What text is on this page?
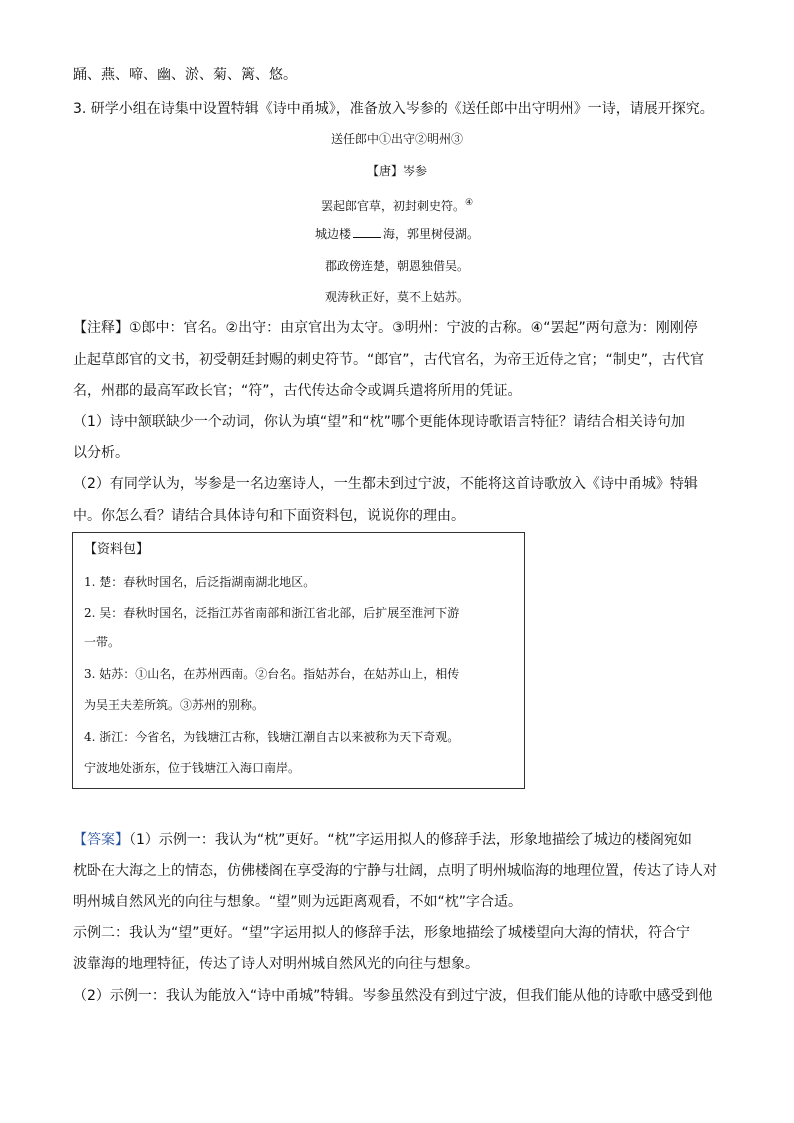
踊、燕、啼、幽、淤、菊、篱、悠。
3. 研学小组在诗集中设置特辑《诗中甬城》，准备放入岑参的《送任郎中出守明州》一诗，请展开探究。
送任郎中①出守②明州③
【唐】岑参
罢起郎官草，初封刺史符。④
城边楼	海，郭里树侵湖。
郡政傍连楚，朝恩独借吴。
观涛秋正好，莫不上姑苏。
【注释】①郎中：官名。②出守：由京官出为太守。③明州：宁波的古称。④“罢起”两句意为：刚刚停
止起草郎官的文书，初受朝廷封赐的刺史符节。“郎官”，古代官名，为帝王近侍之官；“制史”，古代官
名，州郡的最高军政长官；“符”，古代传达命令或调兵遣将所用的凭证。
（1）诗中颔联缺少一个动词，你认为填“望”和“枕”哪个更能体现诗歌语言特征？请结合相关诗句加
以分析。
（2）有同学认为，岑参是一名边塞诗人，一生都未到过宁波，不能将这首诗歌放入《诗中甬城》特辑
中。你怎么看？请结合具体诗句和下面资料包，说说你的理由。
【资料包】
1. 楚：春秋时国名，后泛指湖南湖北地区。
2. 吴：春秋时国名，泛指江苏省南部和浙江省北部，后扩展至淮河下游
一带。
3. 姑苏：①山名，在苏州西南。②台名。指姑苏台，在姑苏山上，相传
为吴王夫差所筑。③苏州的别称。
4. 浙江：今省名，为钱塘江古称，钱塘江潮自古以来被称为天下奇观。
宁波地处浙东，位于钱塘江入海口南岸。
【答案】（1）示例一：我认为“枕”更好。“枕”字运用拟人的修辞手法，形象地描绘了城边的楼阁宛如
枕卧在大海之上的情态，仿佛楼阁在享受海的宁静与壮阔，点明了明州城临海的地理位置，传达了诗人对
明州城自然风光的向往与想象。“望”则为远距离观看，不如“枕”字合适。
示例二：我认为“望”更好。“望”字运用拟人的修辞手法，形象地描绘了城楼望向大海的情状，符合宁
波靠海的地理特征，传达了诗人对明州城自然风光的向往与想象。
（2）示例一：我认为能放入“诗中甬城”特辑。岑参虽然没有到过宁波，但我们能从他的诗歌中感受到他
